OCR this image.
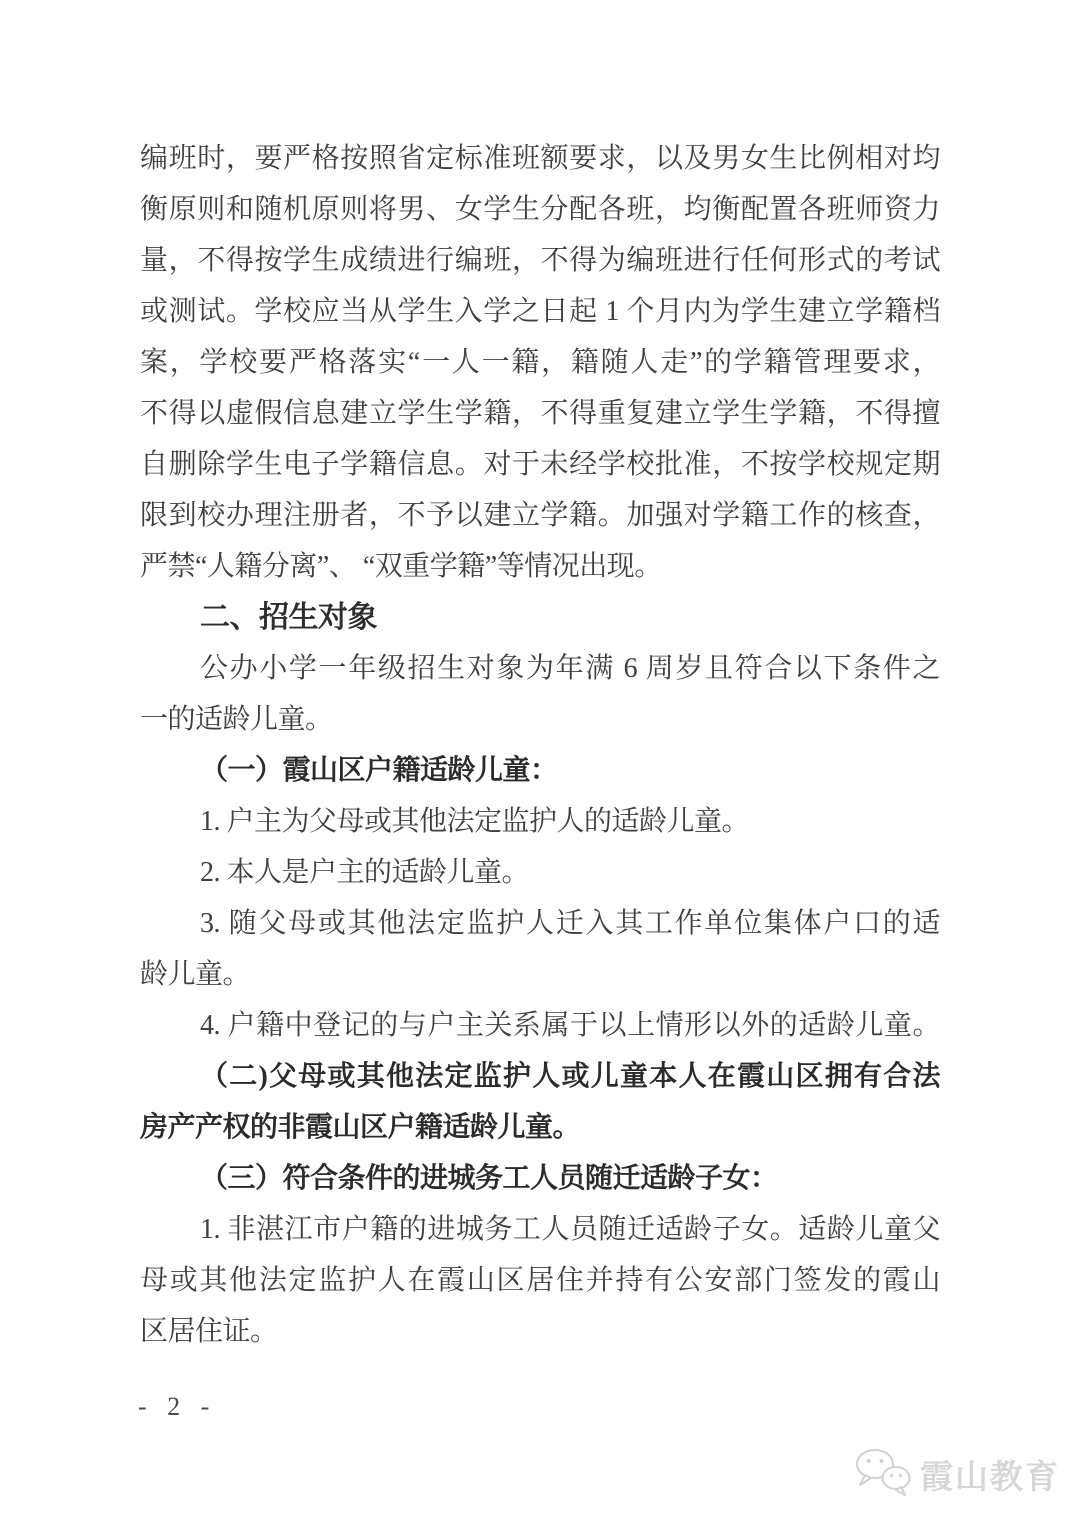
编班时，要严格按照省定标准班额要求，以及男女生比例相对均
衡原则和随机原则将男、女学生分配各班，均衡配置各班师资力
量，不得按学生成绩进行编班，不得为编班进行任何形式的考试
或测试。学校应当从学生入学之日起 1 个月内为学生建立学籍档
案，学校要严格落实“一人一籍，籍随人走”的学籍管理要求，
不得以虚假信息建立学生学籍，不得重复建立学生学籍，不得擅
自删除学生电子学籍信息。对于未经学校批准，不按学校规定期
限到校办理注册者，不予以建立学籍。加强对学籍工作的核查，
严禁“人籍分离”、 “双重学籍”等情况出现。
二、招生对象
公办小学一年级招生对象为年满 6 周岁且符合以下条件之
一的适龄儿童。
（一）霞山区户籍适龄儿童：
1. 户主为父母或其他法定监护人的适龄儿童。
2. 本人是户主的适龄儿童。
3. 随父母或其他法定监护人迁入其工作单位集体户口的适
龄儿童。
4. 户籍中登记的与户主关系属于以上情形以外的适龄儿童。
（二)父母或其他法定监护人或儿童本人在霞山区拥有合法
房产产权的非霞山区户籍适龄儿童。
（三）符合条件的进城务工人员随迁适龄子女：
1. 非湛江市户籍的进城务工人员随迁适龄子女。适龄儿童父
母或其他法定监护人在霞山区居住并持有公安部门签发的霞山
区居住证。
- 2 -
霞山教育
